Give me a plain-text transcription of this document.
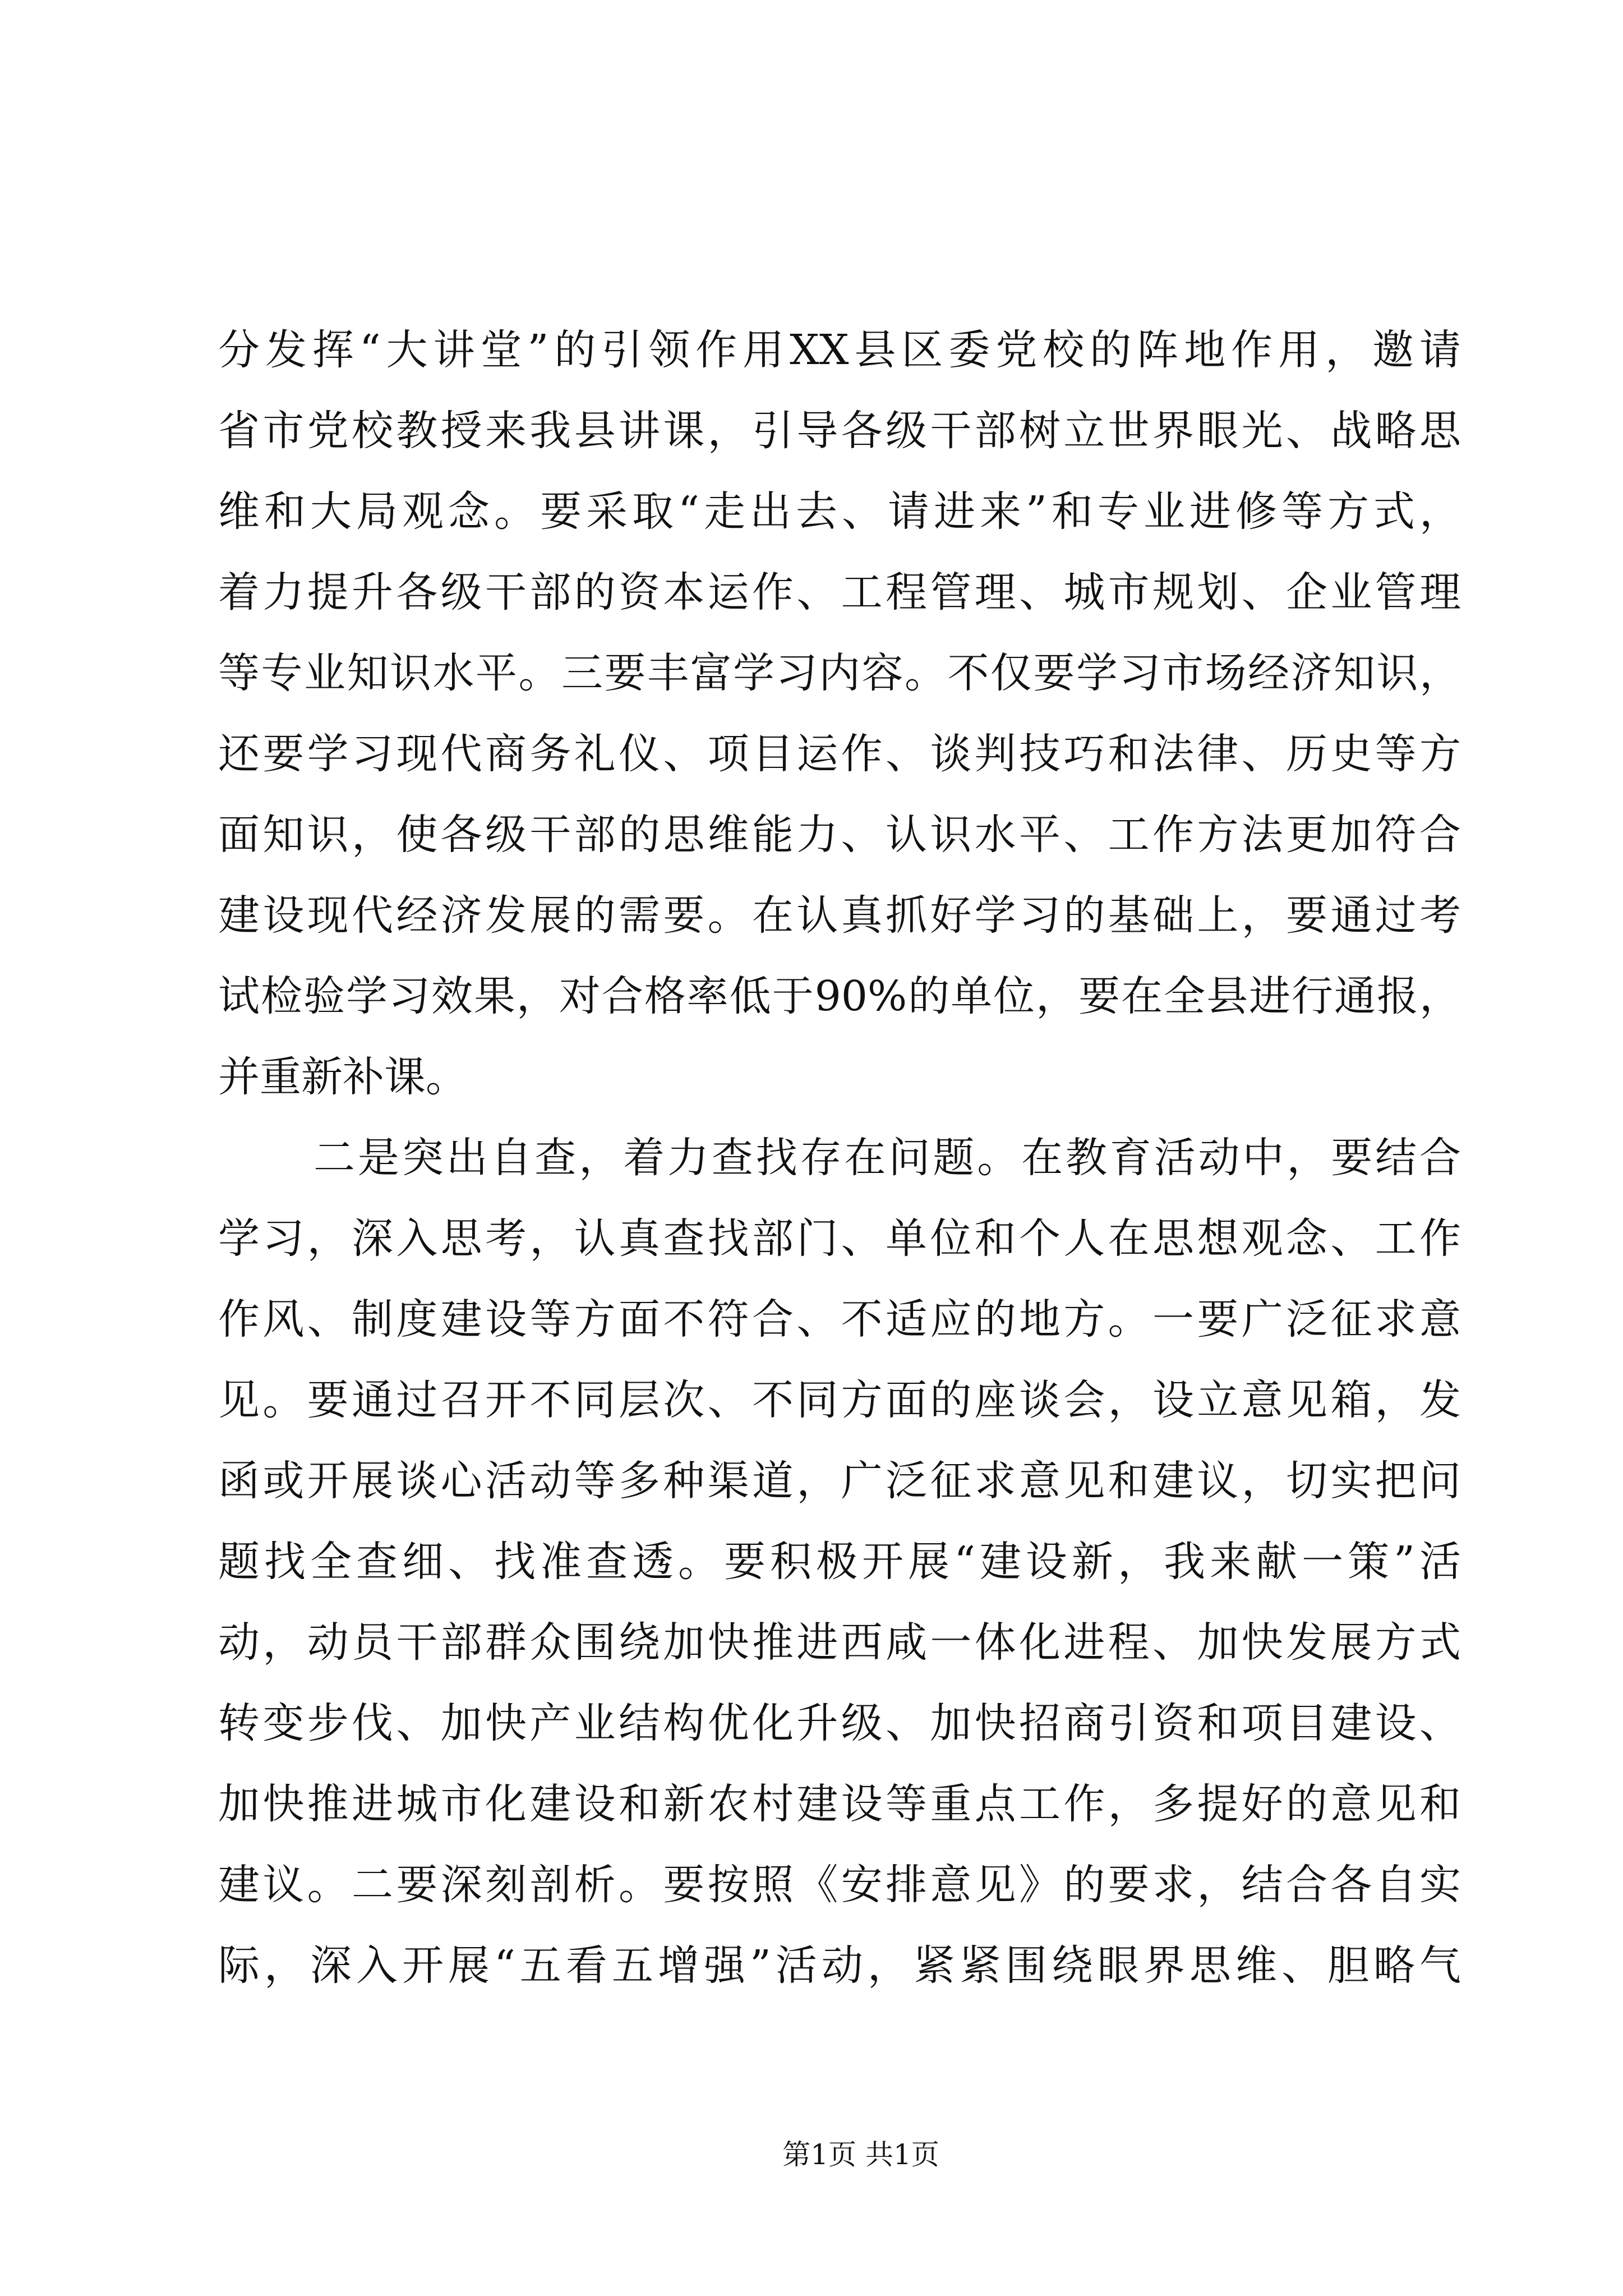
分发挥“大讲堂”的引领作用XX县区委党校的阵地作用，邀请
省市党校教授来我县讲课，引导各级干部树立世界眼光、战略思
维和大局观念。要采取“走出去、请进来”和专业进修等方式，
着力提升各级干部的资本运作、工程管理、城市规划、企业管理
等专业知识水平。三要丰富学习内容。不仅要学习市场经济知识，
还要学习现代商务礼仪、项目运作、谈判技巧和法律、历史等方
面知识，使各级干部的思维能力、认识水平、工作方法更加符合
建设现代经济发展的需要。在认真抓好学习的基础上，要通过考
试检验学习效果，对合格率低于90%的单位，要在全县进行通报，
并重新补课。
二是突出自查，着力查找存在问题。在教育活动中，要结合
学习，深入思考，认真查找部门、单位和个人在思想观念、工作
作风、制度建设等方面不符合、不适应的地方。一要广泛征求意
见。要通过召开不同层次、不同方面的座谈会，设立意见箱，发
函或开展谈心活动等多种渠道，广泛征求意见和建议，切实把问
题找全查细、找准查透。要积极开展“建设新，我来献一策”活
动，动员干部群众围绕加快推进西咸一体化进程、加快发展方式
转变步伐、加快产业结构优化升级、加快招商引资和项目建设、
加快推进城市化建设和新农村建设等重点工作，多提好的意见和
建议。二要深刻剖析。要按照《安排意见》的要求，结合各自实
际，深入开展“五看五增强”活动，紧紧围绕眼界思维、胆略气
第1页 共1页
